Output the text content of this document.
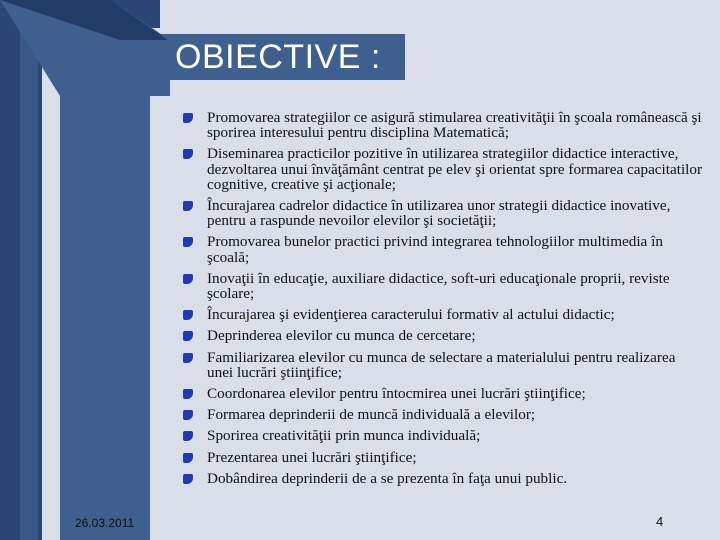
OBIECTIVE :
Promovarea strategiilor ce asigură stimularea creativităţii în şcoala românească şi sporirea interesului pentru disciplina Matematică;
Diseminarea practicilor pozitive în utilizarea strategiilor didactice interactive, dezvoltarea unui învăţământ centrat pe elev şi orientat spre formarea capacitatilor cognitive, creative şi acţionale;
Încurajarea cadrelor didactice în utilizarea unor strategii didactice inovative, pentru a raspunde nevoilor elevilor şi societăţii;
Promovarea bunelor practici privind integrarea tehnologiilor multimedia în şcoală;
Inovaţii în educaţie, auxiliare didactice, soft-uri educaţionale proprii, reviste şcolare;
Încurajarea şi evidenţierea caracterului formativ al actului didactic;
Deprinderea elevilor cu munca de cercetare;
Familiarizarea elevilor cu munca de selectare a materialului pentru realizarea unei lucrări ştiinţifice;
Coordonarea elevilor pentru întocmirea unei lucrări ştiinţifice;
Formarea deprinderii de muncă individuală a elevilor;
Sporirea creativităţii prin munca individuală;
Prezentarea unei lucrări ştiinţifice;
Dobândirea deprinderii de a se prezenta în faţa unui public.
26.03.2011	4
